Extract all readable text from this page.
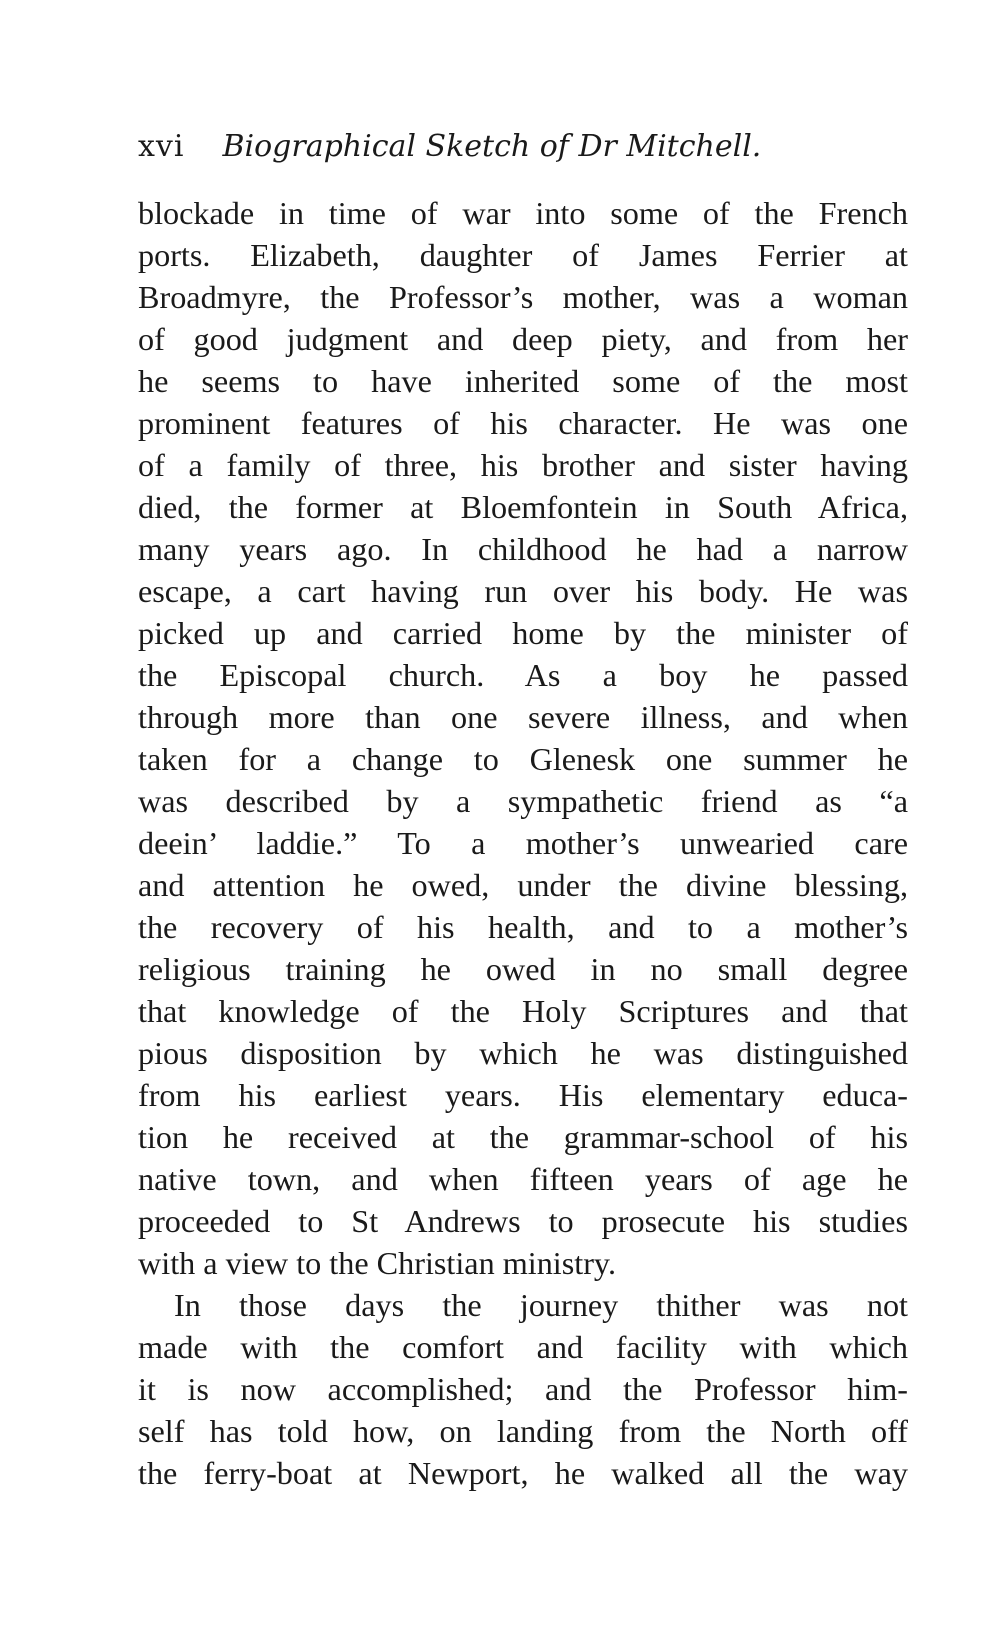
xvi Biographical Sketch of Dr Mitchell.
blockade in time of war into some of the French
ports. Elizabeth, daughter of James Ferrier at
Broadmyre, the Professor’s mother, was a woman
of good judgment and deep piety, and from her
he seems to have inherited some of the most
prominent features of his character. He was one
of a family of three, his brother and sister having
died, the former at Bloemfontein in South Africa,
many years ago. In childhood he had a narrow
escape, a cart having run over his body. He was
picked up and carried home by the minister of
the Episcopal church. As a boy he passed
through more than one severe illness, and when
taken for a change to Glenesk one summer he
was described by a sympathetic friend as “a
deein’ laddie.” To a mother’s unwearied care
and attention he owed, under the divine blessing,
the recovery of his health, and to a mother’s
religious training he owed in no small degree
that knowledge of the Holy Scriptures and that
pious disposition by which he was distinguished
from his earliest years. His elementary educa-
tion he received at the grammar-school of his
native town, and when fifteen years of age he
proceeded to St Andrews to prosecute his studies
with a view to the Christian ministry.
In those days the journey thither was not
made with the comfort and facility with which
it is now accomplished; and the Professor him-
self has told how, on landing from the North off
the ferry-boat at Newport, he walked all the way
